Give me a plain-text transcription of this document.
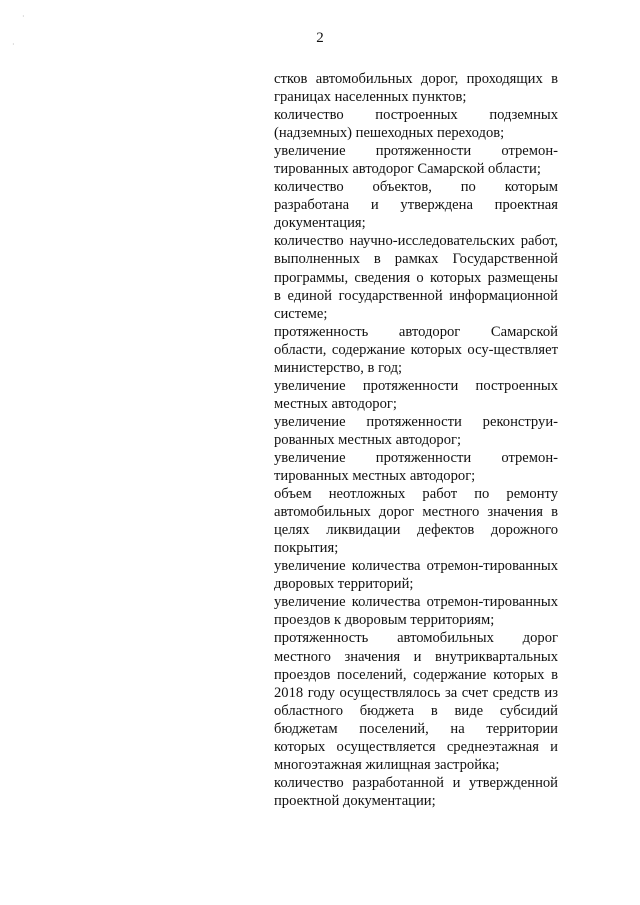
·
·	2
стков автомобильных дорог, проходящих в границах населенных пунктов;
количество построенных подземных (надземных) пешеходных переходов;
увеличение протяженности отремон-тированных автодорог Самарской области;
количество объектов, по которым разработана и утверждена проектная документация;
количество научно-исследовательских работ, выполненных в рамках Государственной программы, сведения о которых размещены в единой государственной информационной системе;
протяженность автодорог Самарской области, содержание которых осу-ществляет министерство, в год;
увеличение протяженности построенных местных автодорог;
увеличение протяженности реконструи-рованных местных автодорог;
увеличение протяженности отремон-тированных местных автодорог;
объем неотложных работ по ремонту автомобильных дорог местного значения в целях ликвидации дефектов дорожного покрытия;
увеличение количества отремон-тированных дворовых территорий;
увеличение количества отремон-тированных проездов к дворовым территориям;
протяженность автомобильных дорог местного значения и внутриквартальных проездов поселений, содержание которых в 2018 году осуществлялось за счет средств из областного бюджета в виде субсидий бюджетам поселений, на территории которых осуществляется среднеэтажная и многоэтажная жилищная застройка;
количество разработанной и утвержденной проектной документации;
